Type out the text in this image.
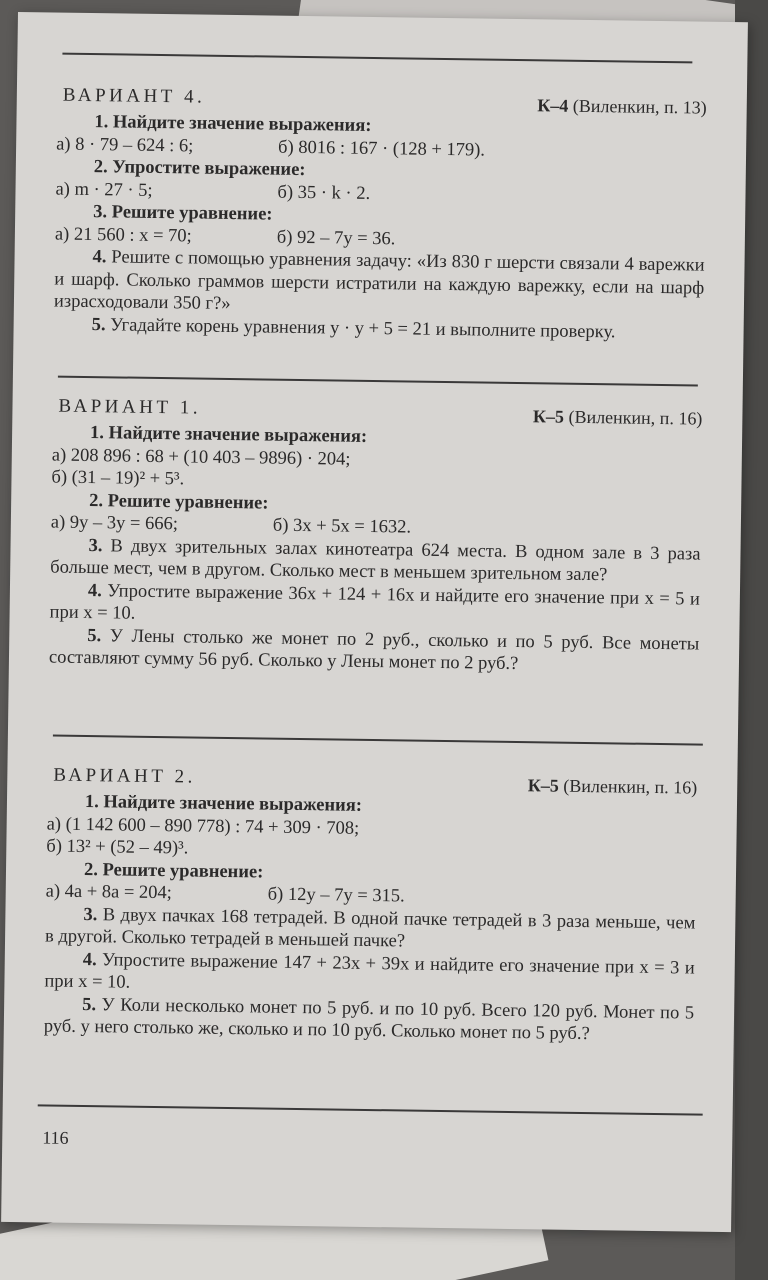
ВАРИАНТ 4.	К–4 (Виленкин, п. 13)
1. Найдите значение выражения:
а) 8 · 79 – 624 : 6;	б) 8016 : 167 · (128 + 179).
2. Упростите выражение:
а) m · 27 · 5;	б) 35 · k · 2.
3. Решите уравнение:
а) 21 560 : x = 70;	б) 92 – 7y = 36.
4. Решите с помощью уравнения задачу: «Из 830 г шерсти связали 4 варежки и шарф. Сколько граммов шерсти истратили на каждую варежку, если на шарф израсходовали 350 г?»
5. Угадайте корень уравнения y · y + 5 = 21 и выполните проверку.
ВАРИАНТ 1.	К–5 (Виленкин, п. 16)
1. Найдите значение выражения:
а) 208 896 : 68 + (10 403 – 9896) · 204;
б) (31 – 19)² + 5³.
2. Решите уравнение:
а) 9y – 3y = 666;	б) 3x + 5x = 1632.
3. В двух зрительных залах кинотеатра 624 места. В одном зале в 3 раза больше мест, чем в другом. Сколько мест в меньшем зрительном зале?
4. Упростите выражение 36x + 124 + 16x и найдите его значение при x = 5 и при x = 10.
5. У Лены столько же монет по 2 руб., сколько и по 5 руб. Все монеты составляют сумму 56 руб. Сколько у Лены монет по 2 руб.?
ВАРИАНТ 2.	К–5 (Виленкин, п. 16)
1. Найдите значение выражения:
а) (1 142 600 – 890 778) : 74 + 309 · 708;
б) 13² + (52 – 49)³.
2. Решите уравнение:
а) 4a + 8a = 204;	б) 12y – 7y = 315.
3. В двух пачках 168 тетрадей. В одной пачке тетрадей в 3 раза меньше, чем в другой. Сколько тетрадей в меньшей пачке?
4. Упростите выражение 147 + 23x + 39x и найдите его значение при x = 3 и при x = 10.
5. У Коли несколько монет по 5 руб. и по 10 руб. Всего 120 руб. Монет по 5 руб. у него столько же, сколько и по 10 руб. Сколько монет по 5 руб.?
116
